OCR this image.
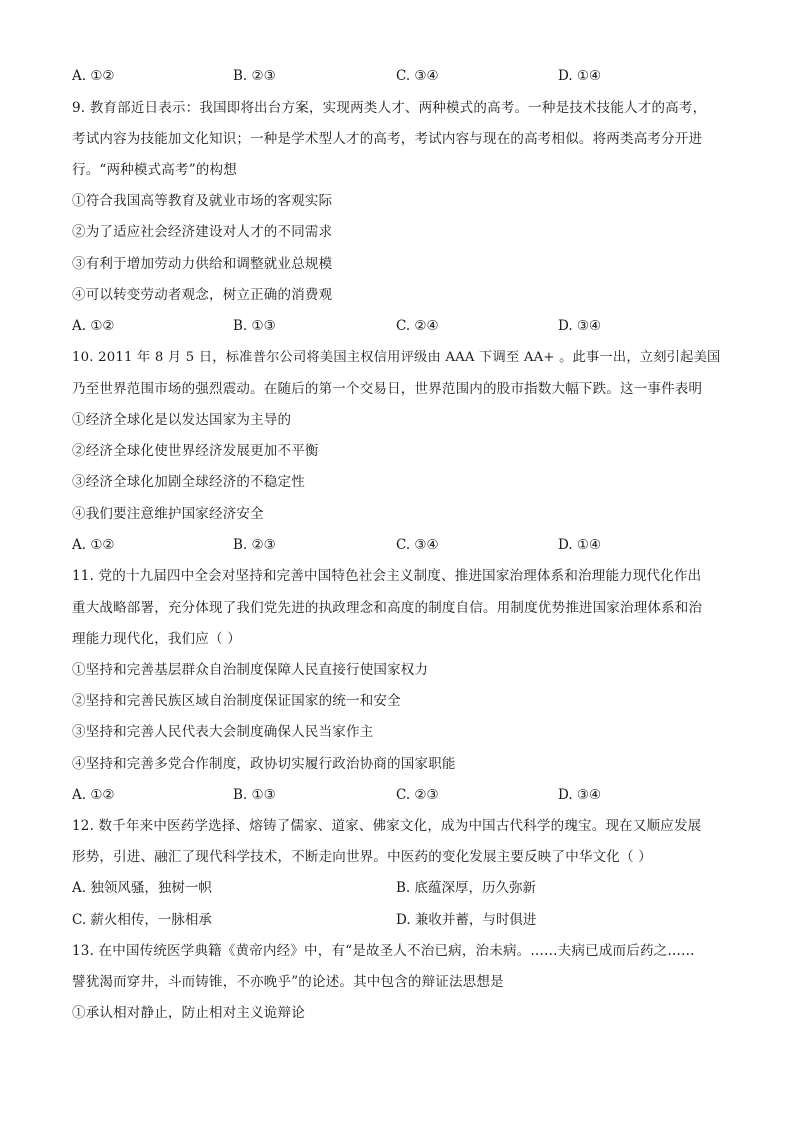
A. ①②	B. ②③	C. ③④	D. ①④
9. 教育部近日表示：我国即将出台方案，实现两类人才、两种模式的高考。一种是技术技能人才的高考，
考试内容为技能加文化知识；一种是学术型人才的高考，考试内容与现在的高考相似。将两类高考分开进
行。“两种模式高考”的构想
①符合我国高等教育及就业市场的客观实际
②为了适应社会经济建设对人才的不同需求
③有利于增加劳动力供给和调整就业总规模
④可以转变劳动者观念，树立正确的消费观
A. ①②	B. ①③	C. ②④	D. ③④
10. 2011 年 8 月 5 日，标准普尔公司将美国主权信用评级由 AAA 下调至 AA+ 。此事一出，立刻引起美国
乃至世界范围市场的强烈震动。在随后的第一个交易日，世界范围内的股市指数大幅下跌。这一事件表明
①经济全球化是以发达国家为主导的
②经济全球化使世界经济发展更加不平衡
③经济全球化加剧全球经济的不稳定性
④我们要注意维护国家经济安全
A. ①②	B. ②③	C. ③④	D. ①④
11. 党的十九届四中全会对坚持和完善中国特色社会主义制度、推进国家治理体系和治理能力现代化作出
重大战略部署，充分体现了我们党先进的执政理念和高度的制度自信。用制度优势推进国家治理体系和治
理能力现代化，我们应（ ）
①坚持和完善基层群众自治制度保障人民直接行使国家权力
②坚持和完善民族区域自治制度保证国家的统一和安全
③坚持和完善人民代表大会制度确保人民当家作主
④坚持和完善多党合作制度，政协切实履行政治协商的国家职能
A. ①②	B. ①③	C. ②③	D. ③④
12. 数千年来中医药学选择、熔铸了儒家、道家、佛家文化，成为中国古代科学的瑰宝。现在又顺应发展
形势，引进、融汇了现代科学技术，不断走向世界。中医药的变化发展主要反映了中华文化（ ）
A. 独领风骚，独树一帜	B. 底蕴深厚，历久弥新
C. 薪火相传，一脉相承	D. 兼收并蓄，与时俱进
13. 在中国传统医学典籍《黄帝内经》中，有“是故圣人不治已病，治未病。……夫病已成而后药之……
譬犹渴而穿井，斗而铸锥，不亦晚乎”的论述。其中包含的辩证法思想是
①承认相对静止，防止相对主义诡辩论
